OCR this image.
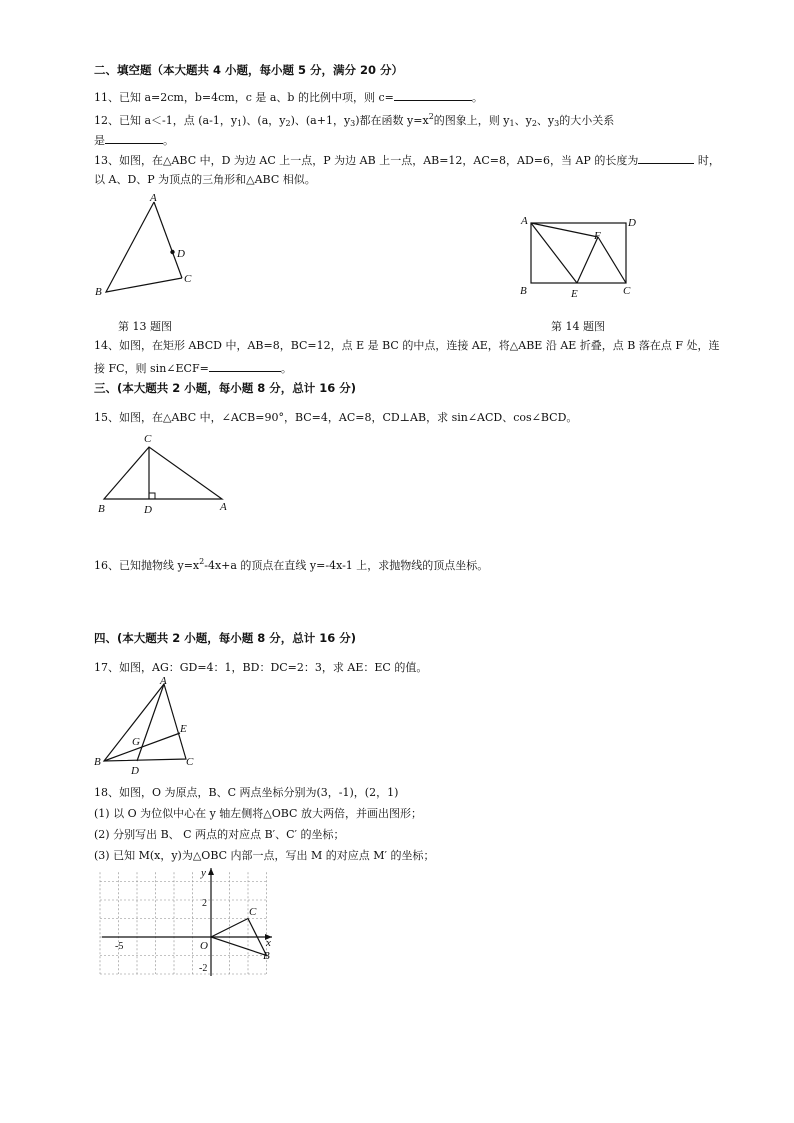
二、填空题（本大题共 4 小题，每小题 5 分，满分 20 分）
11、已知 a=2cm，b=4cm，c 是 a、b 的比例中项，则 c=	。
12、已知 a＜-1，点 (a-1，$y_1$)、(a，$y_2$)、(a+1，$y_3$)都在函数 $y=x^2$的图象上，则 $y_1$、$y_2$、$y_3$的大小关系
是	。
13、如图，在△ABC 中，D 为边 AC 上一点，P 为边 AB 上一点，AB=12，AC=8，AD=6，当 AP 的长度为	时，
以 A、D、P 为顶点的三角形和△ABC 相似。
A
B
C
D
第 13 题图
A	D
B	E	C
F
第 14 题图
14、如图，在矩形 ABCD 中，AB=8，BC=12，点 E 是 BC 的中点，连接 AE，将△ABE 沿 AE 折叠，点 B 落在点 F 处，连
接 FC，则 sin∠ECF=	。
三、(本大题共 2 小题，每小题 8 分，总计 16 分)
15、如图，在△ABC 中，∠ACB=90°，BC=4，AC=8，CD⊥AB，求 sin∠ACD、cos∠BCD。
C
B	D	A
16、已知抛物线 $y=x^2-4x+a$ 的顶点在直线 y=-4x-1 上，求抛物线的顶点坐标。
四、(本大题共 2 小题，每小题 8 分，总计 16 分)
17、如图，AG：GD=4：1，BD：DC=2：3，求 AE：EC 的值。
A
B	C
D
E
G
18、如图，O 为原点，B、C 两点坐标分别为(3，-1)，(2，1)
(1) 以 O 为位似中心在 y 轴左侧将△OBC 放大两倍，并画出图形；
(2) 分别写出 B、 C 两点的对应点 B′、C′ 的坐标；
(3) 已知 M(x，y)为△OBC 内部一点，写出 M 的对应点 M′ 的坐标；
x
y
O
B
C
-5
2
-2
